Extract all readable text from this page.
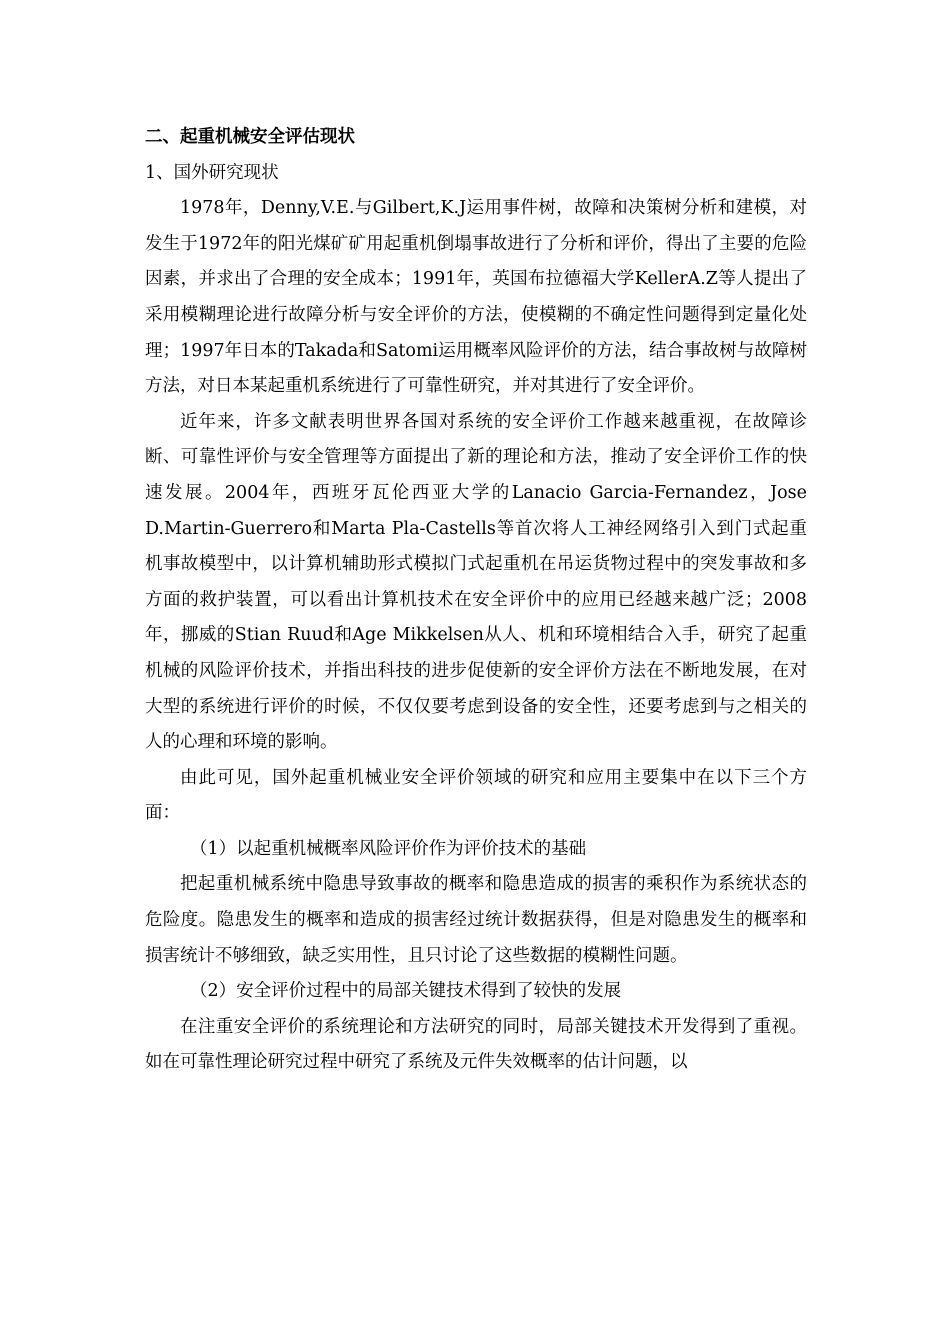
二、起重机械安全评估现状

1、国外研究现状

1978年，Denny,V.E.与Gilbert,K.J运用事件树，故障和决策树分析和建模，对发生于1972年的阳光煤矿矿用起重机倒塌事故进行了分析和评价，得出了主要的危险因素，并求出了合理的安全成本；1991年，英国布拉德福大学KellerA.Z等人提出了采用模糊理论进行故障分析与安全评价的方法，使模糊的不确定性问题得到定量化处理；1997年日本的Takada和Satomi运用概率风险评价的方法，结合事故树与故障树方法，对日本某起重机系统进行了可靠性研究，并对其进行了安全评价。

近年来，许多文献表明世界各国对系统的安全评价工作越来越重视，在故障诊断、可靠性评价与安全管理等方面提出了新的理论和方法，推动了安全评价工作的快速发展。2004年，西班牙瓦伦西亚大学的Lanacio Garcia-Fernandez，Jose D.Martin-Guerrero和Marta Pla-Castells等首次将人工神经网络引入到门式起重机事故模型中，以计算机辅助形式模拟门式起重机在吊运货物过程中的突发事故和多方面的救护装置，可以看出计算机技术在安全评价中的应用已经越来越广泛；2008年，挪威的Stian Ruud和Age Mikkelsen从人、机和环境相结合入手，研究了起重机械的风险评价技术，并指出科技的进步促使新的安全评价方法在不断地发展，在对大型的系统进行评价的时候，不仅仅要考虑到设备的安全性，还要考虑到与之相关的人的心理和环境的影响。

由此可见，国外起重机械业安全评价领域的研究和应用主要集中在以下三个方面：

（1）以起重机械概率风险评价作为评价技术的基础

把起重机械系统中隐患导致事故的概率和隐患造成的损害的乘积作为系统状态的危险度。隐患发生的概率和造成的损害经过统计数据获得，但是对隐患发生的概率和损害统计不够细致，缺乏实用性，且只讨论了这些数据的模糊性问题。

（2）安全评价过程中的局部关键技术得到了较快的发展

在注重安全评价的系统理论和方法研究的同时，局部关键技术开发得到了重视。如在可靠性理论研究过程中研究了系统及元件失效概率的估计问题，以
